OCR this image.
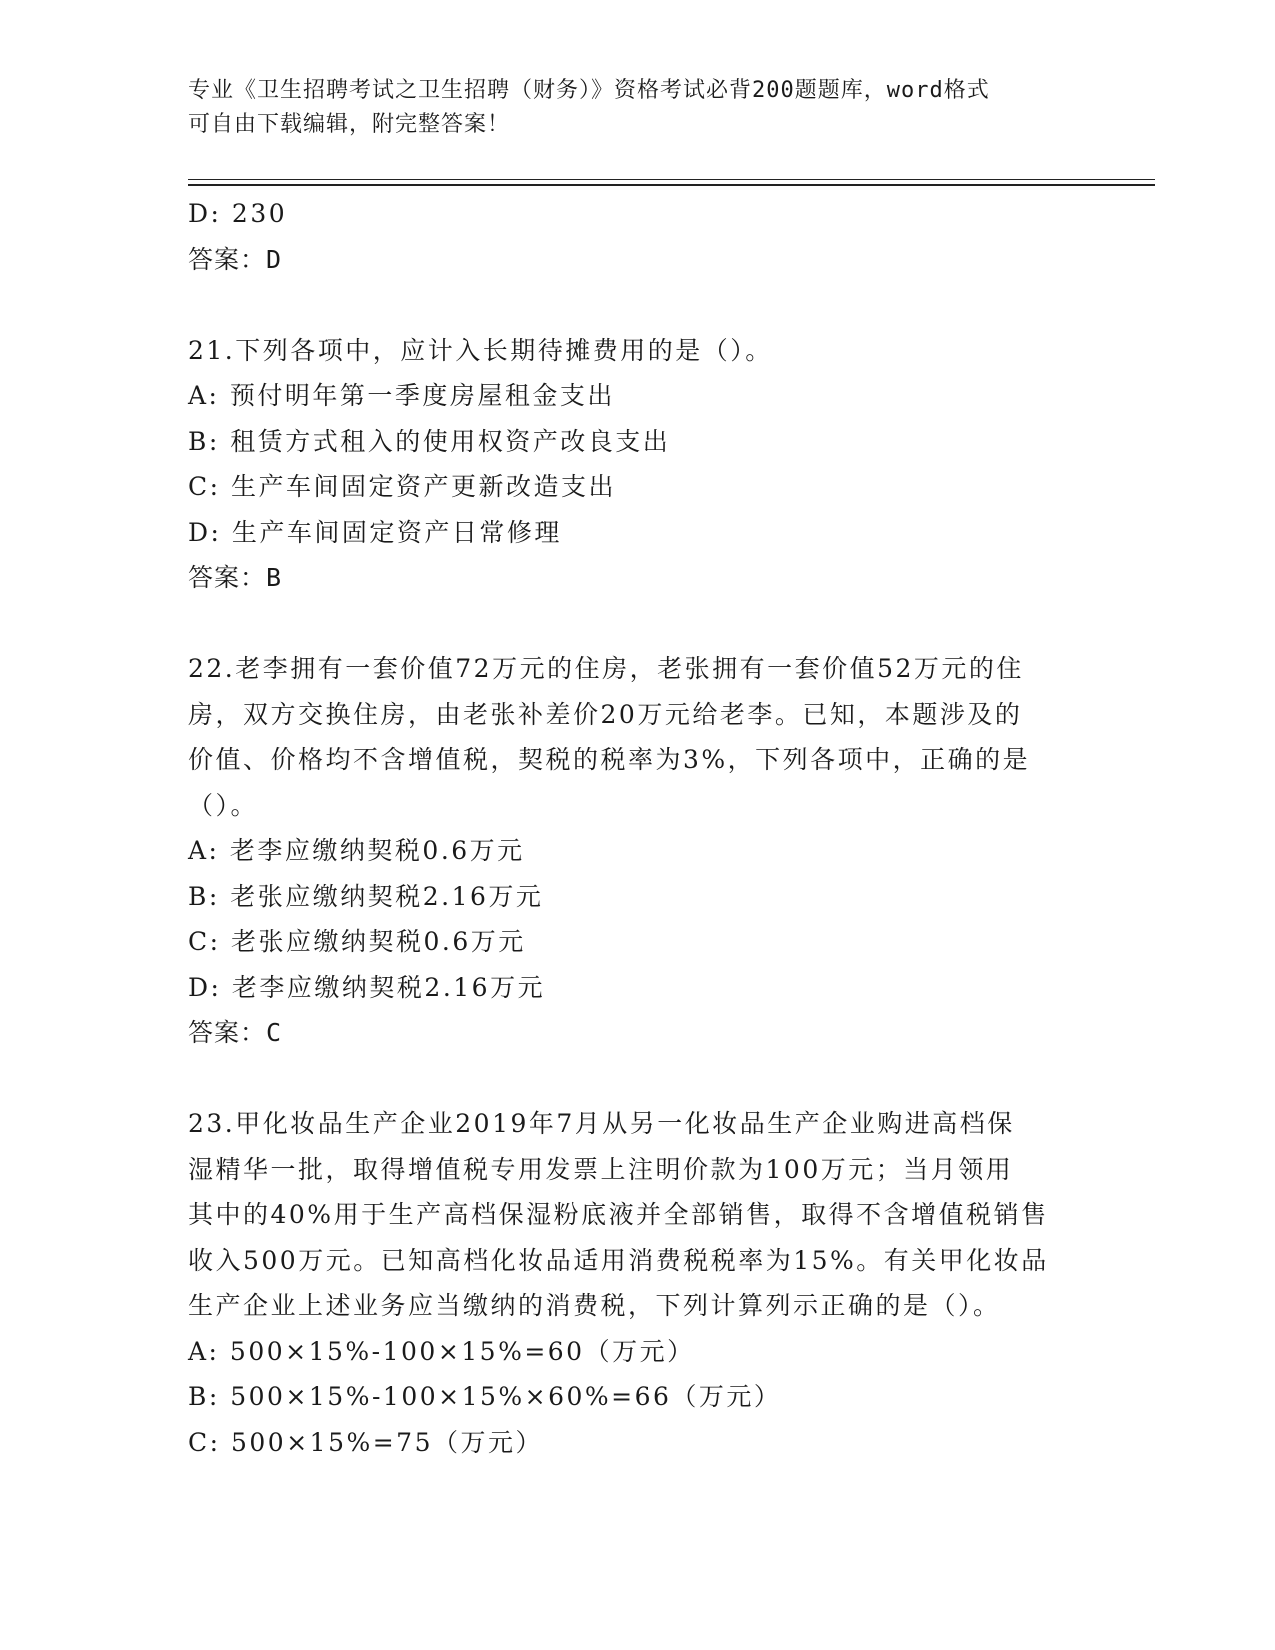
专业《卫生招聘考试之卫生招聘（财务）》资格考试必背200题题库，word格式
可自由下载编辑，附完整答案！
D: 230
答案：D
21.下列各项中，应计入长期待摊费用的是（）。
A: 预付明年第一季度房屋租金支出
B: 租赁方式租入的使用权资产改良支出
C: 生产车间固定资产更新改造支出
D: 生产车间固定资产日常修理
答案：B
22.老李拥有一套价值72万元的住房，老张拥有一套价值52万元的住
房，双方交换住房，由老张补差价20万元给老李。已知，本题涉及的
价值、价格均不含增值税，契税的税率为3%，下列各项中，正确的是
（）。
A: 老李应缴纳契税0.6万元
B: 老张应缴纳契税2.16万元
C: 老张应缴纳契税0.6万元
D: 老李应缴纳契税2.16万元
答案：C
23.甲化妆品生产企业2019年7月从另一化妆品生产企业购进高档保
湿精华一批，取得增值税专用发票上注明价款为100万元；当月领用
其中的40%用于生产高档保湿粉底液并全部销售，取得不含增值税销售
收入500万元。已知高档化妆品适用消费税税率为15%。有关甲化妆品
生产企业上述业务应当缴纳的消费税，下列计算列示正确的是（）。
A: 500×15%-100×15%=60（万元）
B: 500×15%-100×15%×60%=66（万元）
C: 500×15%=75（万元）
